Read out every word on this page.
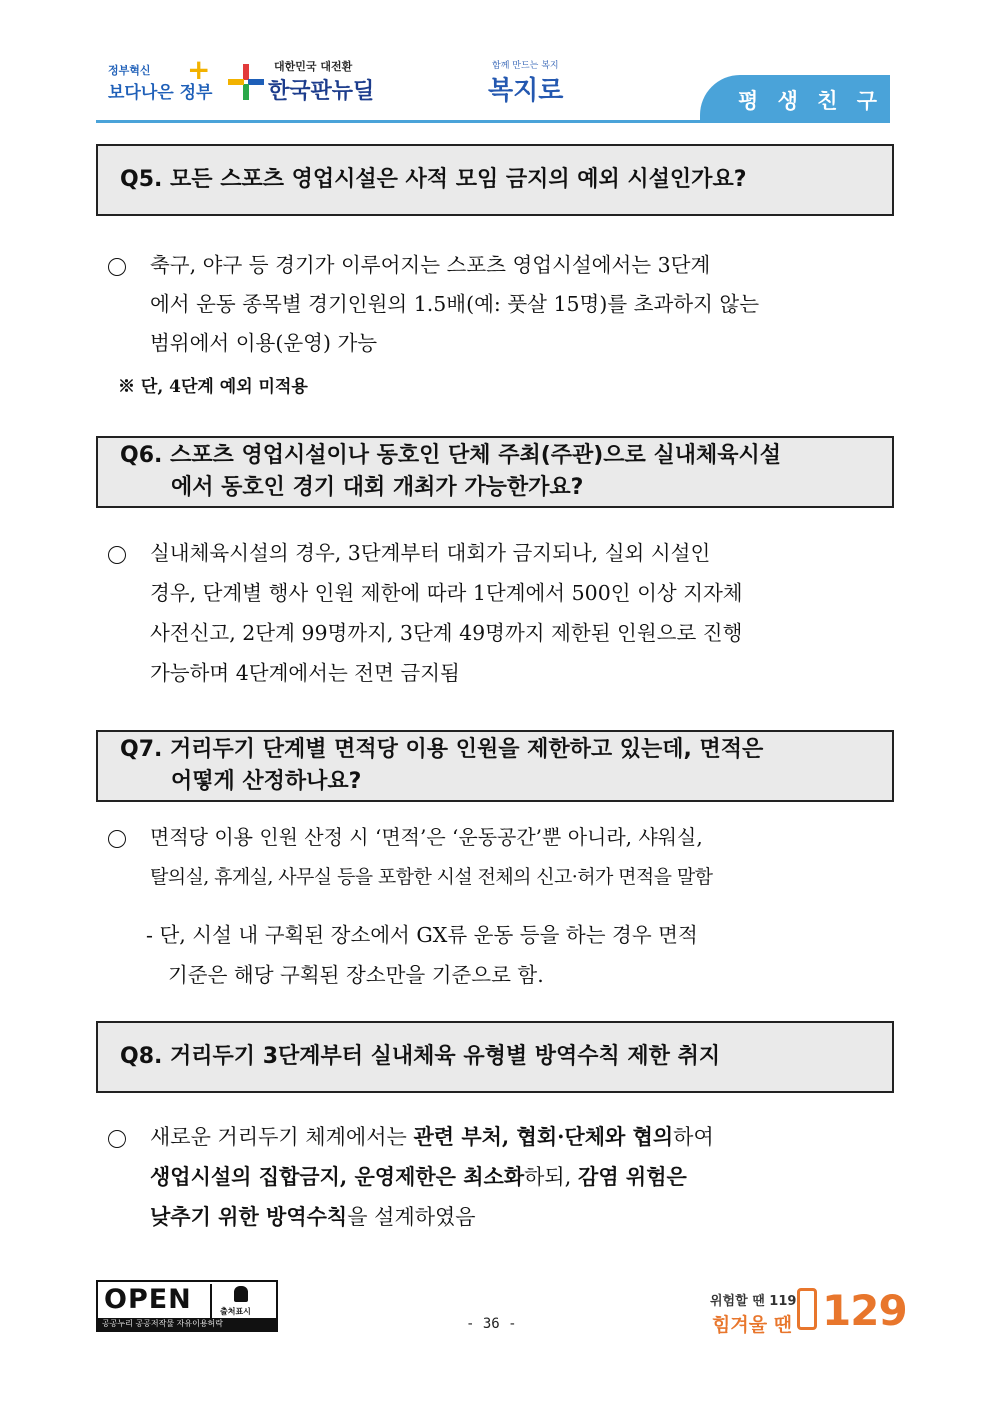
정부혁신
보다나은 정부
+	대한민국 대전환
한국판뉴딜
함께 만드는 복지
복지로	평 생 친 구
Q5. 모든 스포츠 영업시설은 사적 모임 금지의 예외 시설인가요?
축구, 야구 등 경기가 이루어지는 스포츠 영업시설에서는 3단계
에서 운동 종목별 경기인원의 1.5배(예: 풋살 15명)를 초과하지 않는
범위에서 이용(운영) 가능
※ 단, 4단계 예외 미적용
Q6. 스포츠 영업시설이나 동호인 단체 주최(주관)으로 실내체육시설
에서 동호인 경기 대회 개최가 가능한가요?
실내체육시설의 경우, 3단계부터 대회가 금지되나, 실외 시설인
경우, 단계별 행사 인원 제한에 따라 1단계에서 500인 이상 지자체
사전신고, 2단계 99명까지, 3단계 49명까지 제한된 인원으로 진행
가능하며 4단계에서는 전면 금지됨
Q7. 거리두기 단계별 면적당 이용 인원을 제한하고 있는데, 면적은
어떻게 산정하나요?
면적당 이용 인원 산정 시 ‘면적’은 ‘운동공간’뿐 아니라, 샤워실,
탈의실, 휴게실, 사무실 등을 포함한 시설 전체의 신고·허가 면적을 말함
- 단, 시설 내 구획된 장소에서 GX류 운동 등을 하는 경우 면적
기준은 해당 구획된 장소만을 기준으로 함.
Q8. 거리두기 3단계부터 실내체육 유형별 방역수칙 제한 취지
새로운 거리두기 체계에서는 관련 부처, 협회·단체와 협의하여
생업시설의 집합금지, 운영제한은 최소화하되, 감염 위험은
낮추기 위한 방역수칙을 설계하였음
OPEN	출처표시
공공누리 공공저작물 자유이용허락	- 36 -
위험할 땐 119
힘겨울 땐 129
